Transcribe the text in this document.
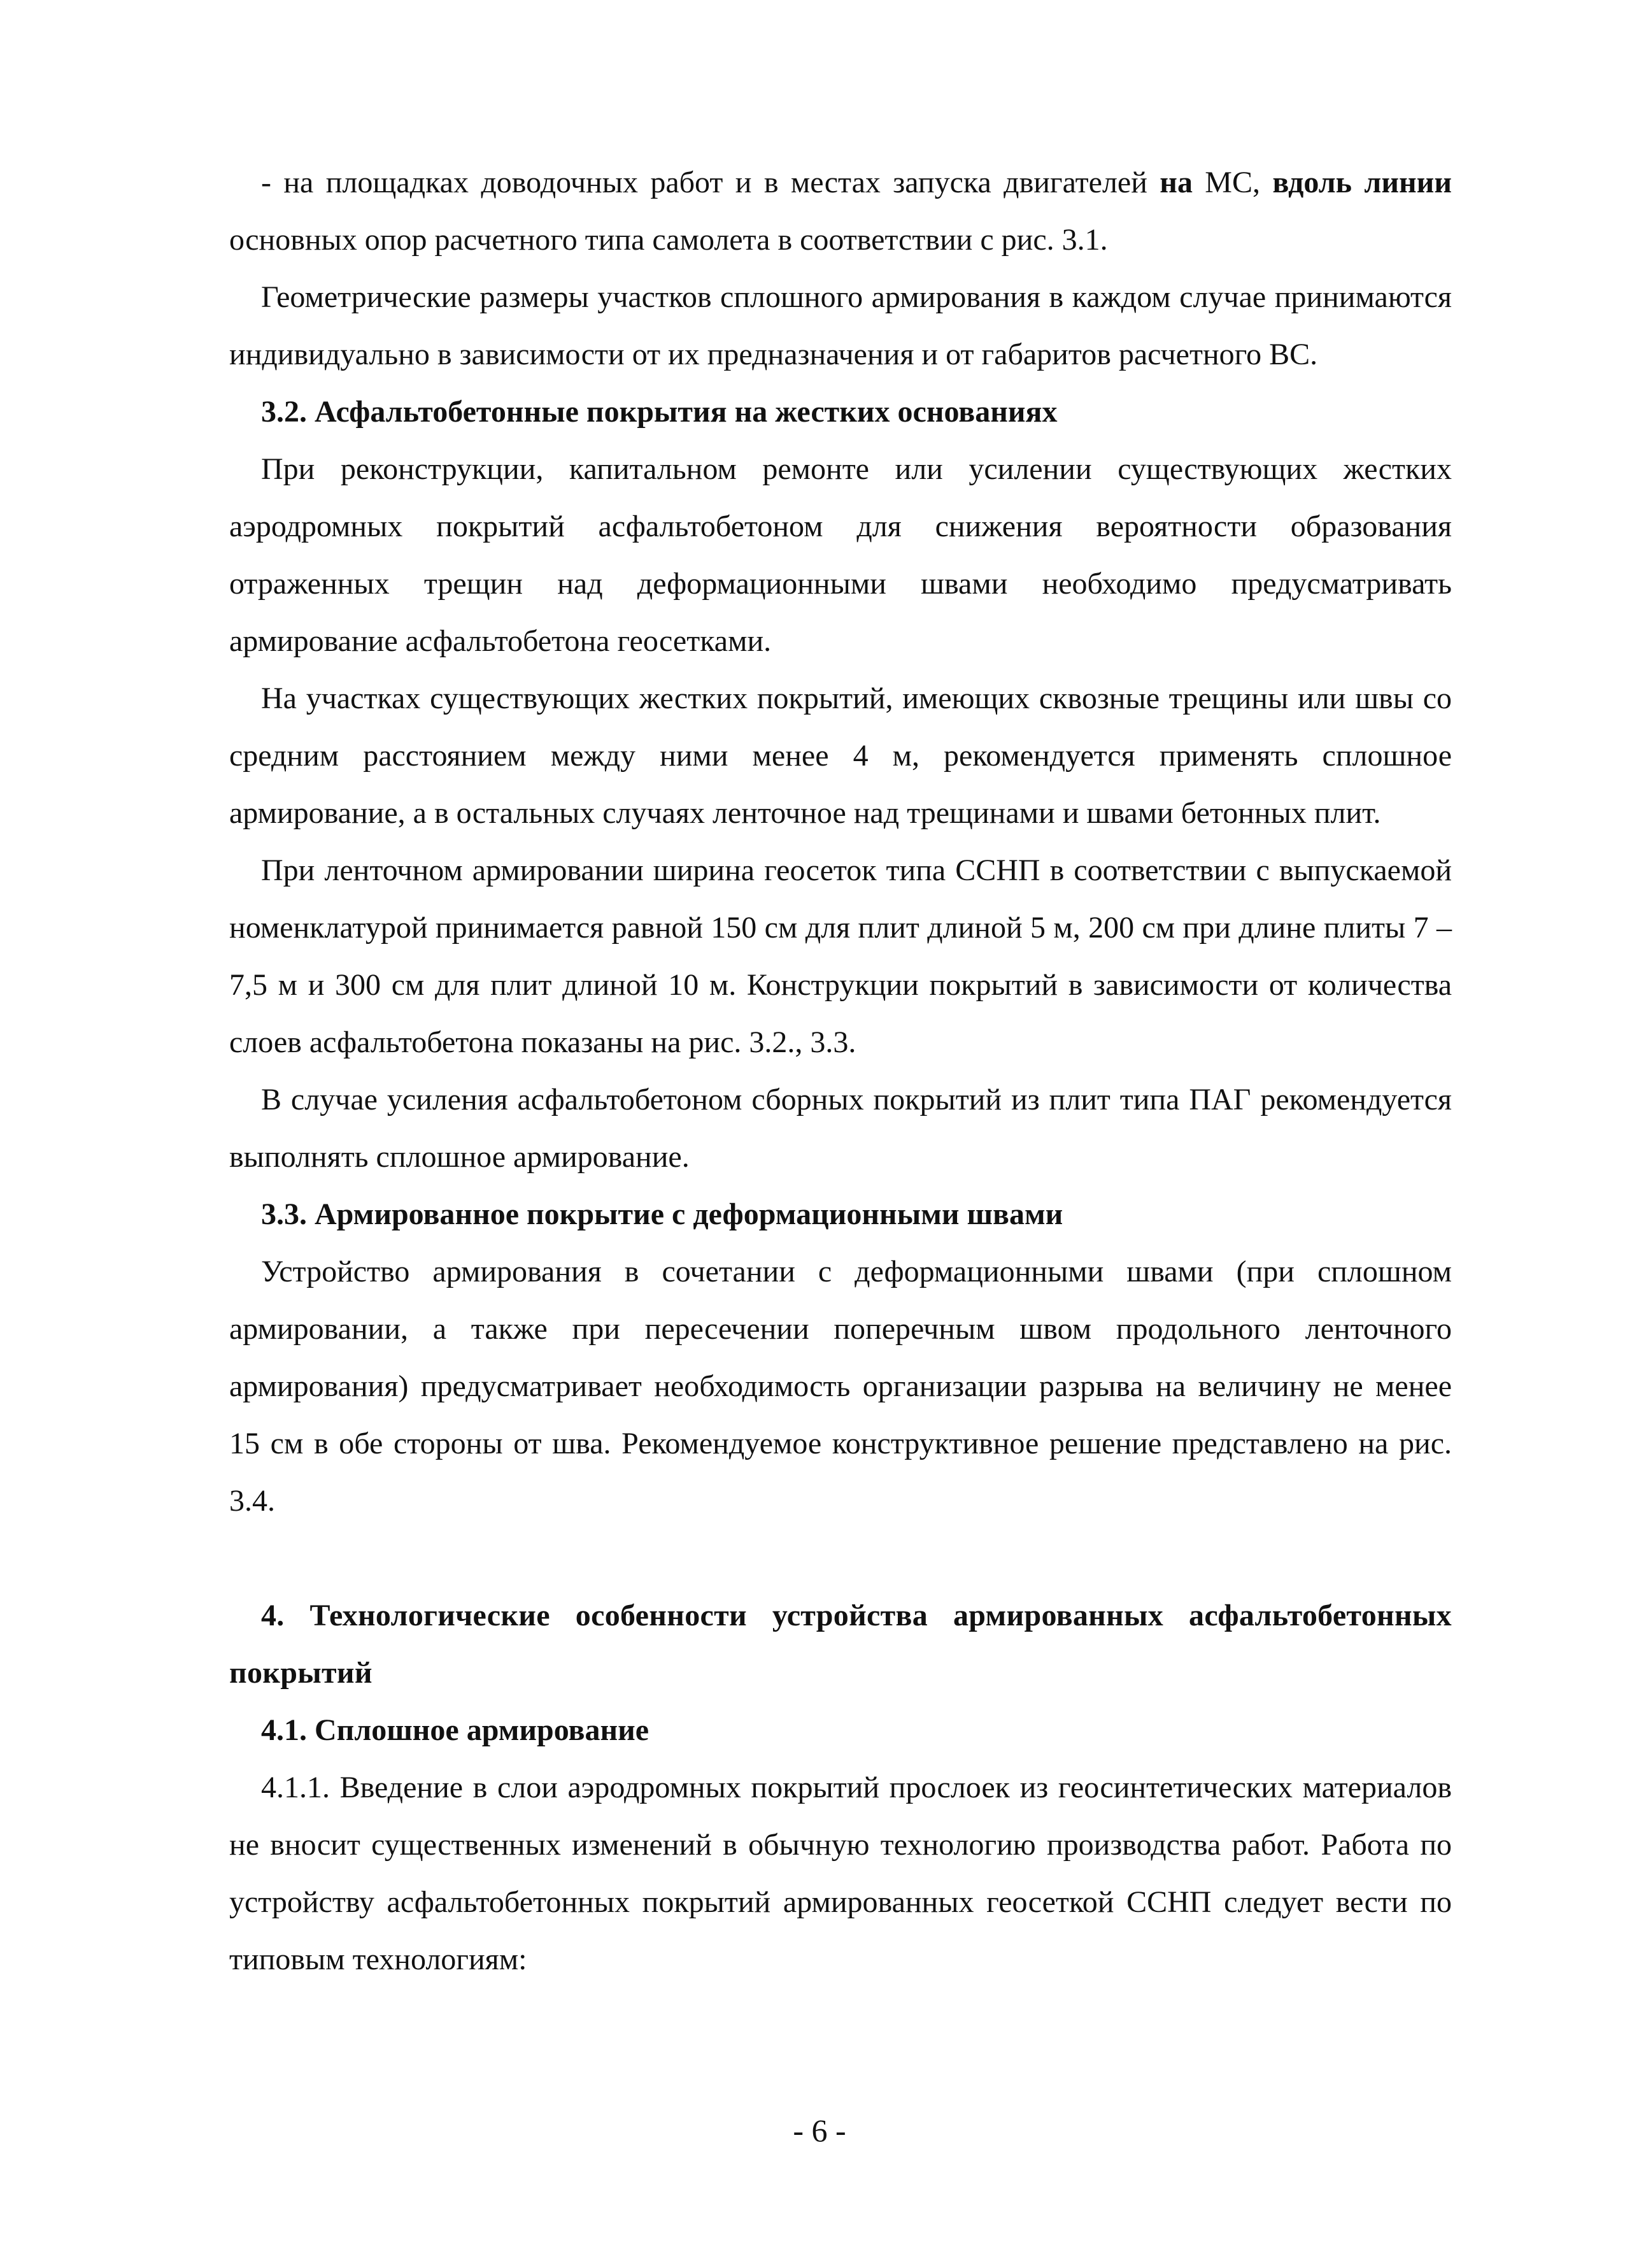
- на площадках доводочных работ и в местах запуска двигателей на МС, вдоль линии основных опор расчетного типа самолета в соответствии с рис. 3.1.

Геометрические размеры участков сплошного армирования в каждом случае принимаются индивидуально в зависимости от их предназначения и от габаритов расчетного ВС.

3.2. Асфальтобетонные покрытия на жестких основаниях

При реконструкции, капитальном ремонте или усилении существующих жестких аэродромных покрытий асфальтобетоном для снижения вероятности образования отраженных трещин над деформационными швами необходимо предусматривать армирование асфальтобетона геосетками.

На участках существующих жестких покрытий, имеющих сквозные трещины или швы со средним расстоянием между ними менее 4 м, рекомендуется применять сплошное армирование, а в остальных случаях ленточное над трещинами и швами бетонных плит.

При ленточном армировании ширина геосеток типа ССНП в соответствии с выпускаемой номенклатурой принимается равной 150 см для плит длиной 5 м, 200 см при длине плиты 7 – 7,5 м и 300 см для плит длиной 10 м. Конструкции покрытий в зависимости от количества слоев асфальтобетона показаны на рис. 3.2., 3.3.

В случае усиления асфальтобетоном сборных покрытий из плит типа ПАГ рекомендуется выполнять сплошное армирование.

3.3. Армированное покрытие с деформационными швами

Устройство армирования в сочетании с деформационными швами (при сплошном армировании, а также при пересечении поперечным швом продольного ленточного армирования) предусматривает необходимость организации разрыва на величину не менее 15 см в обе стороны от шва. Рекомендуемое конструктивное решение представлено на рис. 3.4.

4. Технологические особенности устройства армированных асфальтобетонных покрытий
4.1. Сплошное армирование

4.1.1. Введение в слои аэродромных покрытий прослоек из геосинтетических материалов не вносит существенных изменений в обычную технологию производства работ. Работа по устройству асфальтобетонных покрытий армированных геосеткой ССНП следует вести по типовым технологиям:

- 6 -
